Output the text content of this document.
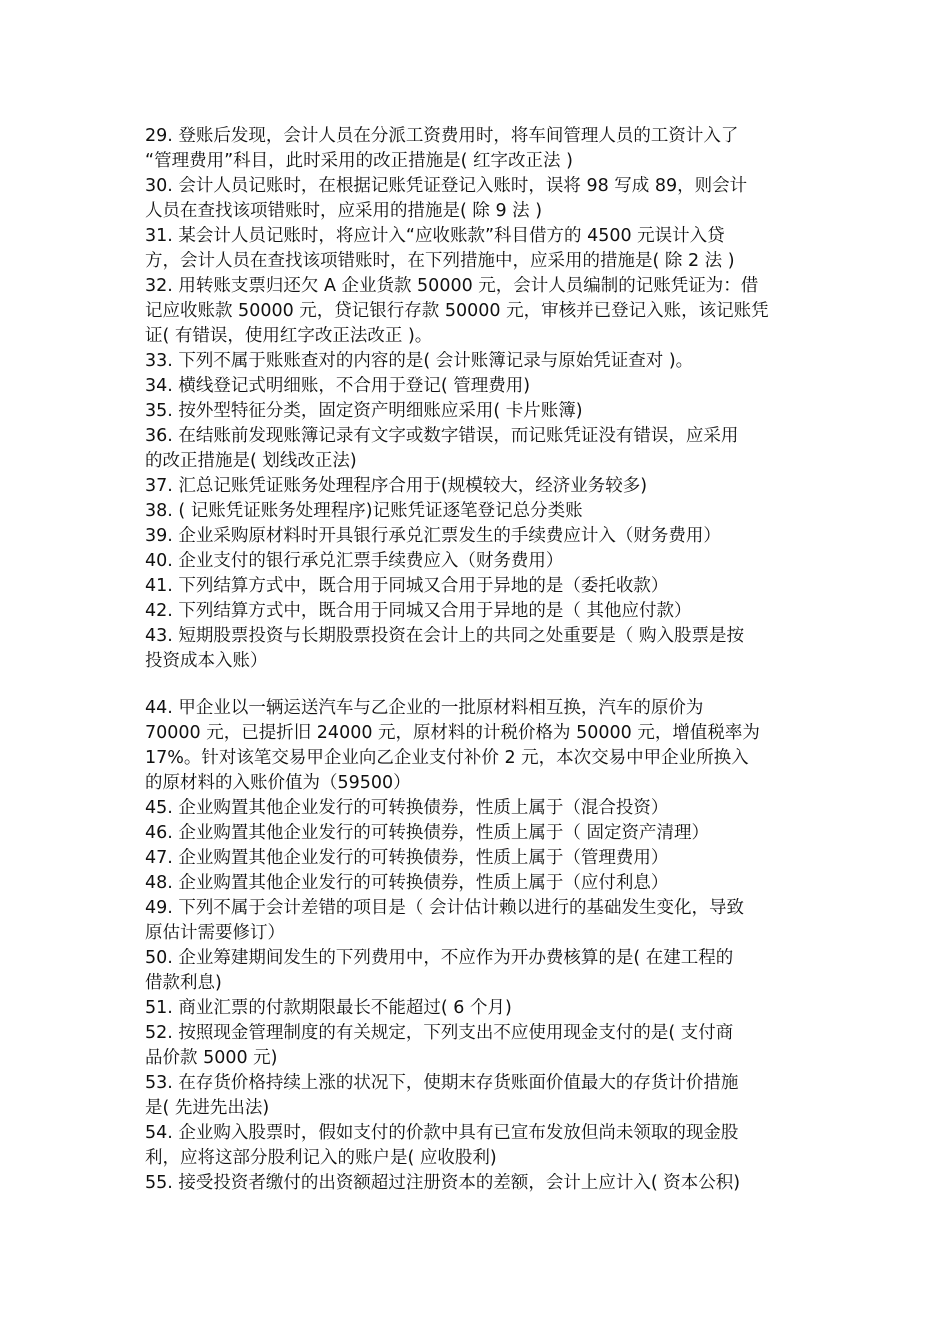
29. 登账后发现，会计人员在分派工资费用时，将车间管理人员的工资计入了
“管理费用”科目，此时采用的改正措施是( 红字改正法 )
30. 会计人员记账时，在根据记账凭证登记入账时，误将 98 写成 89，则会计
人员在查找该项错账时，应采用的措施是( 除 9 法 )
31. 某会计人员记账时，将应计入“应收账款”科目借方的 4500 元误计入贷
方，会计人员在查找该项错账时，在下列措施中，应采用的措施是( 除 2 法 )
32. 用转账支票归还欠 A 企业货款 50000 元，会计人员编制的记账凭证为：借
记应收账款 50000 元，贷记银行存款 50000 元，审核并已登记入账，该记账凭
证( 有错误，使用红字改正法改正 )。
33. 下列不属于账账查对的内容的是( 会计账簿记录与原始凭证查对 )。
34. 横线登记式明细账，不合用于登记( 管理费用)
35. 按外型特征分类，固定资产明细账应采用( 卡片账簿)
36. 在结账前发现账簿记录有文字或数字错误，而记账凭证没有错误，应采用
的改正措施是( 划线改正法)
37. 汇总记账凭证账务处理程序合用于(规模较大，经济业务较多)
38. ( 记账凭证账务处理程序)记账凭证逐笔登记总分类账
39. 企业采购原材料时开具银行承兑汇票发生的手续费应计入（财务费用）
40. 企业支付的银行承兑汇票手续费应入（财务费用）
41. 下列结算方式中，既合用于同城又合用于异地的是（委托收款）
42. 下列结算方式中，既合用于同城又合用于异地的是（ 其他应付款）
43. 短期股票投资与长期股票投资在会计上的共同之处重要是（ 购入股票是按
投资成本入账）
44. 甲企业以一辆运送汽车与乙企业的一批原材料相互换，汽车的原价为
70000 元，已提折旧 24000 元，原材料的计税价格为 50000 元，增值税率为
17%。针对该笔交易甲企业向乙企业支付补价 2 元，本次交易中甲企业所换入
的原材料的入账价值为（59500）
45. 企业购置其他企业发行的可转换债券，性质上属于（混合投资）
46. 企业购置其他企业发行的可转换债券，性质上属于（ 固定资产清理）
47. 企业购置其他企业发行的可转换债券，性质上属于（管理费用）
48. 企业购置其他企业发行的可转换债券，性质上属于（应付利息）
49. 下列不属于会计差错的项目是（ 会计估计赖以进行的基础发生变化，导致
原估计需要修订）
50. 企业筹建期间发生的下列费用中，不应作为开办费核算的是( 在建工程的
借款利息)
51. 商业汇票的付款期限最长不能超过( 6 个月)
52. 按照现金管理制度的有关规定，下列支出不应使用现金支付的是( 支付商
品价款 5000 元)
53. 在存货价格持续上涨的状况下，使期末存货账面价值最大的存货计价措施
是( 先进先出法)
54. 企业购入股票时，假如支付的价款中具有已宣布发放但尚未领取的现金股
利，应将这部分股利记入的账户是( 应收股利)
55. 接受投资者缴付的出资额超过注册资本的差额，会计上应计入( 资本公积)
